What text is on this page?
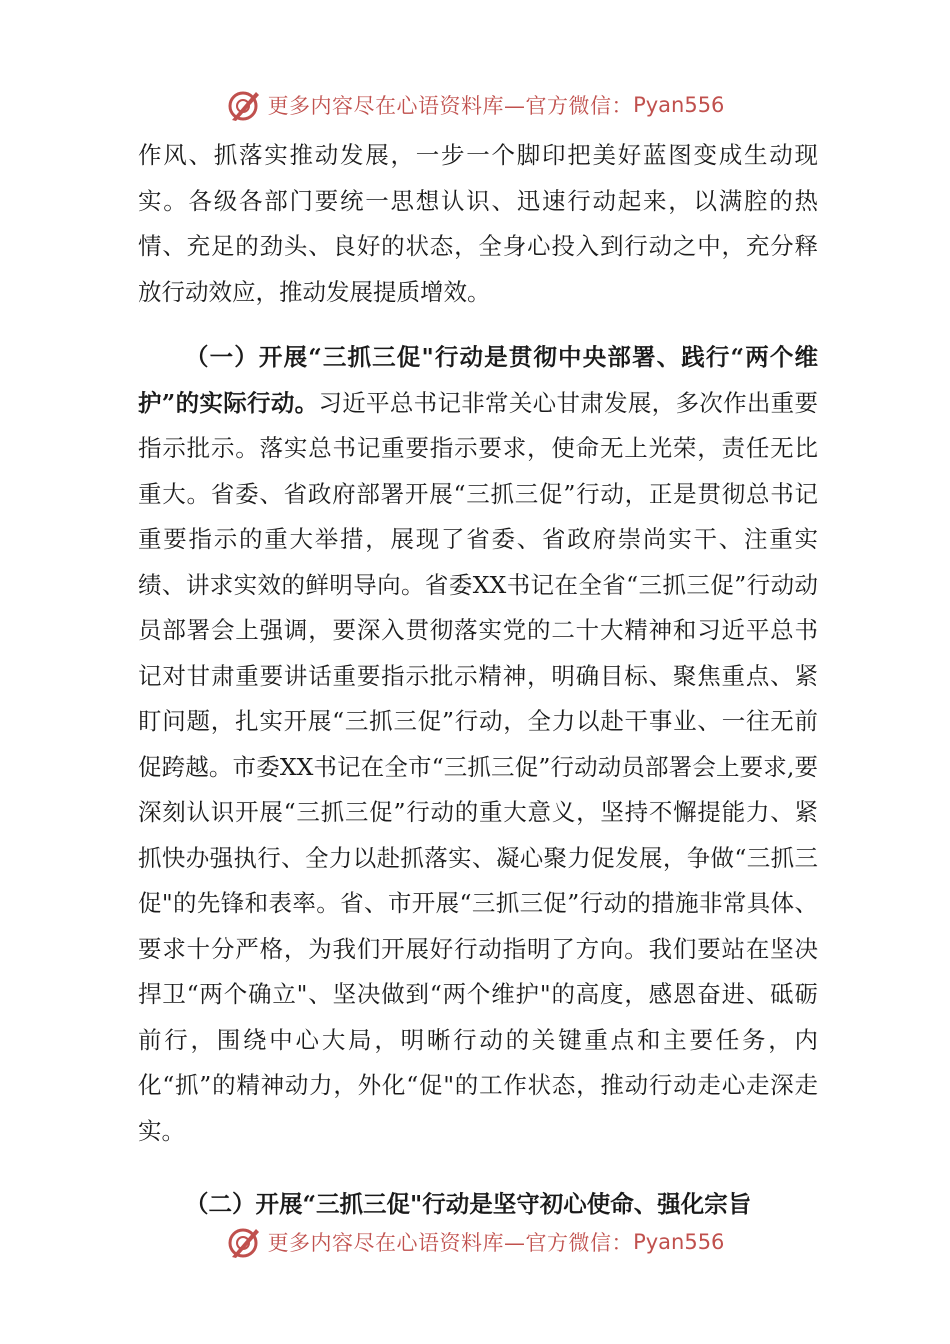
更多内容尽在心语资料库—官方微信： Pyan556

作风、抓落实推动发展，一步一个脚印把美好蓝图变成生动现实。各级各部门要统一思想认识、迅速行动起来，以满腔的热情、充足的劲头、良好的状态，全身心投入到行动之中，充分释放行动效应，推动发展提质增效。

（一）开展“三抓三促"行动是贯彻中央部署、践行“两个维护”的实际行动。习近平总书记非常关心甘肃发展，多次作出重要指示批示。落实总书记重要指示要求，使命无上光荣，责任无比重大。省委、省政府部署开展“三抓三促”行动，正是贯彻总书记重要指示的重大举措，展现了省委、省政府崇尚实干、注重实绩、讲求实效的鲜明导向。省委XX书记在全省“三抓三促”行动动员部署会上强调，要深入贯彻落实党的二十大精神和习近平总书记对甘肃重要讲话重要指示批示精神，明确目标、聚焦重点、紧盯问题，扎实开展“三抓三促”行动，全力以赴干事业、一往无前促跨越。市委XX书记在全市“三抓三促”行动动员部署会上要求,要深刻认识开展“三抓三促”行动的重大意义，坚持不懈提能力、紧抓快办强执行、全力以赴抓落实、凝心聚力促发展，争做“三抓三促"的先锋和表率。省、市开展“三抓三促”行动的措施非常具体、要求十分严格，为我们开展好行动指明了方向。我们要站在坚决捍卫“两个确立"、坚决做到“两个维护"的高度，感恩奋进、砥砺前行，围绕中心大局，明晰行动的关键重点和主要任务，内化“抓”的精神动力，外化“促"的工作状态，推动行动走心走深走实。

（二）开展“三抓三促"行动是坚守初心使命、强化宗旨

更多内容尽在心语资料库—官方微信： Pyan556
